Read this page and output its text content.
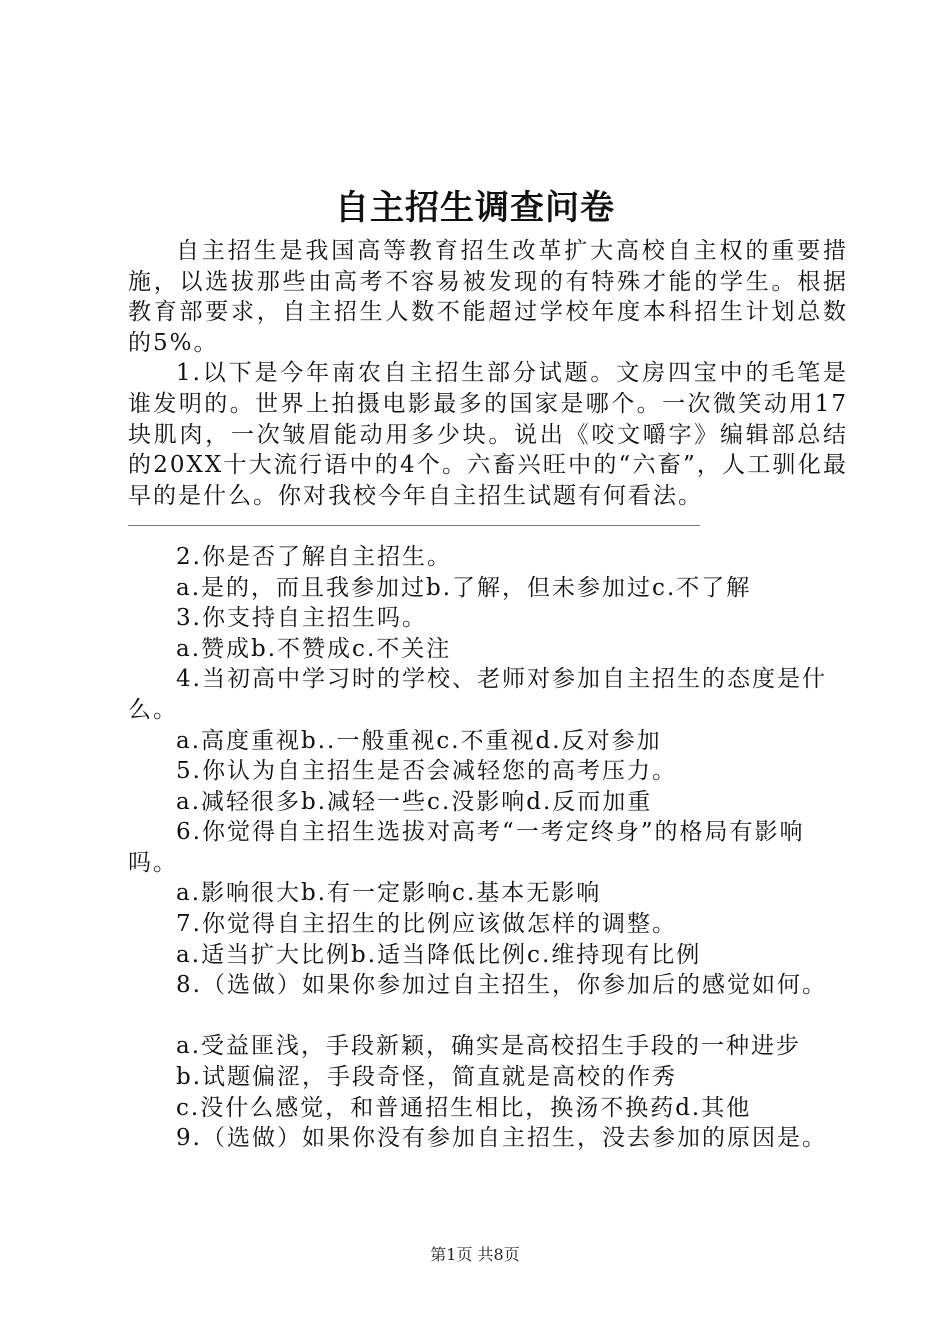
自主招生调查问卷

自主招生是我国高等教育招生改革扩大高校自主权的重要措施，以选拔那些由高考不容易被发现的有特殊才能的学生。根据教育部要求，自主招生人数不能超过学校年度本科招生计划总数的5%。

1.以下是今年南农自主招生部分试题。文房四宝中的毛笔是谁发明的。世界上拍摄电影最多的国家是哪个。一次微笑动用17块肌肉，一次皱眉能动用多少块。说出《咬文嚼字》编辑部总结的20XX十大流行语中的4个。六畜兴旺中的“六畜”，人工驯化最早的是什么。你对我校今年自主招生试题有何看法。

2.你是否了解自主招生。

a.是的，而且我参加过b.了解，但未参加过c.不了解

3.你支持自主招生吗。

a.赞成b.不赞成c.不关注

4.当初高中学习时的学校、老师对参加自主招生的态度是什么。

a.高度重视b..一般重视c.不重视d.反对参加

5.你认为自主招生是否会减轻您的高考压力。

a.减轻很多b.减轻一些c.没影响d.反而加重

6.你觉得自主招生选拔对高考“一考定终身”的格局有影响吗。

a.影响很大b.有一定影响c.基本无影响

7.你觉得自主招生的比例应该做怎样的调整。

a.适当扩大比例b.适当降低比例c.维持现有比例

8.（选做）如果你参加过自主招生，你参加后的感觉如何。

a.受益匪浅，手段新颖，确实是高校招生手段的一种进步

b.试题偏涩，手段奇怪，简直就是高校的作秀

c.没什么感觉，和普通招生相比，换汤不换药d.其他

9.（选做）如果你没有参加自主招生，没去参加的原因是。

第1页 共8页
